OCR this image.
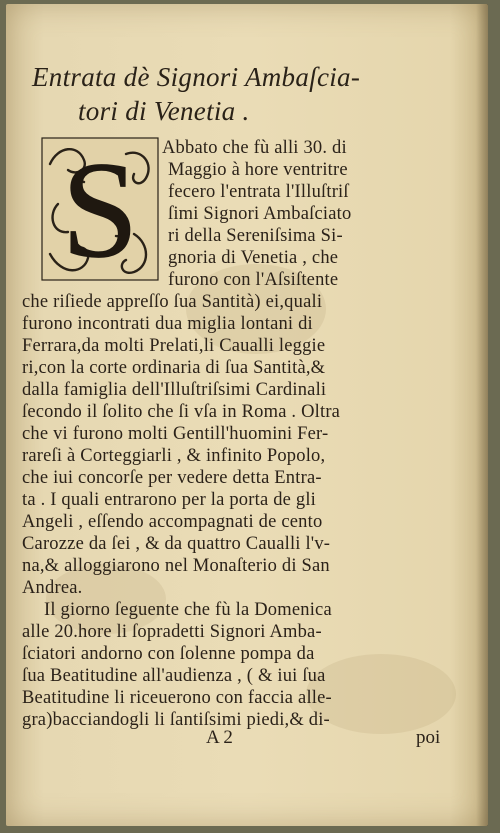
Entrata dè Signori Ambaſcia-
tori di Venetia .
S Abbato che fù alli 30. di
Maggio à hore ventritre
fecero l'entrata l'Illuſtriſ
ſimi Signori Ambaſciato
ri della Sereniſsima Si-
gnoria di Venetia , che
furono con l'Aſsiſtente
che riſiede appreſſo ſua Santità) ei,quali
furono incontrati dua miglia lontani di
Ferrara,da molti Prelati,li Caualli leggie
ri,con la corte ordinaria di ſua Santità,&
dalla famiglia dell'Illuſtriſsimi Cardinali
ſecondo il ſolito che ſi vſa in Roma . Oltra
che vi furono molti Gentill'huomini Fer-
rareſi à Corteggiarli , & infinito Popolo,
che iui concorſe per vedere detta Entra-
ta . I quali entrarono per la porta de gli
Angeli , eſſendo accompagnati de cento
Carozze da ſei , & da quattro Caualli l'v-
na,& alloggiarono nel Monaſterio di San
Andrea.
Il giorno ſeguente che fù la Domenica
alle 20.hore li ſopradetti Signori Amba-
ſciatori andorno con ſolenne pompa da
ſua Beatitudine all'audienza , ( & iui ſua
Beatitudine li riceuerono con faccia alle-
gra)bacciandogli li ſantiſsimi piedi,& di-
A 2	poi
